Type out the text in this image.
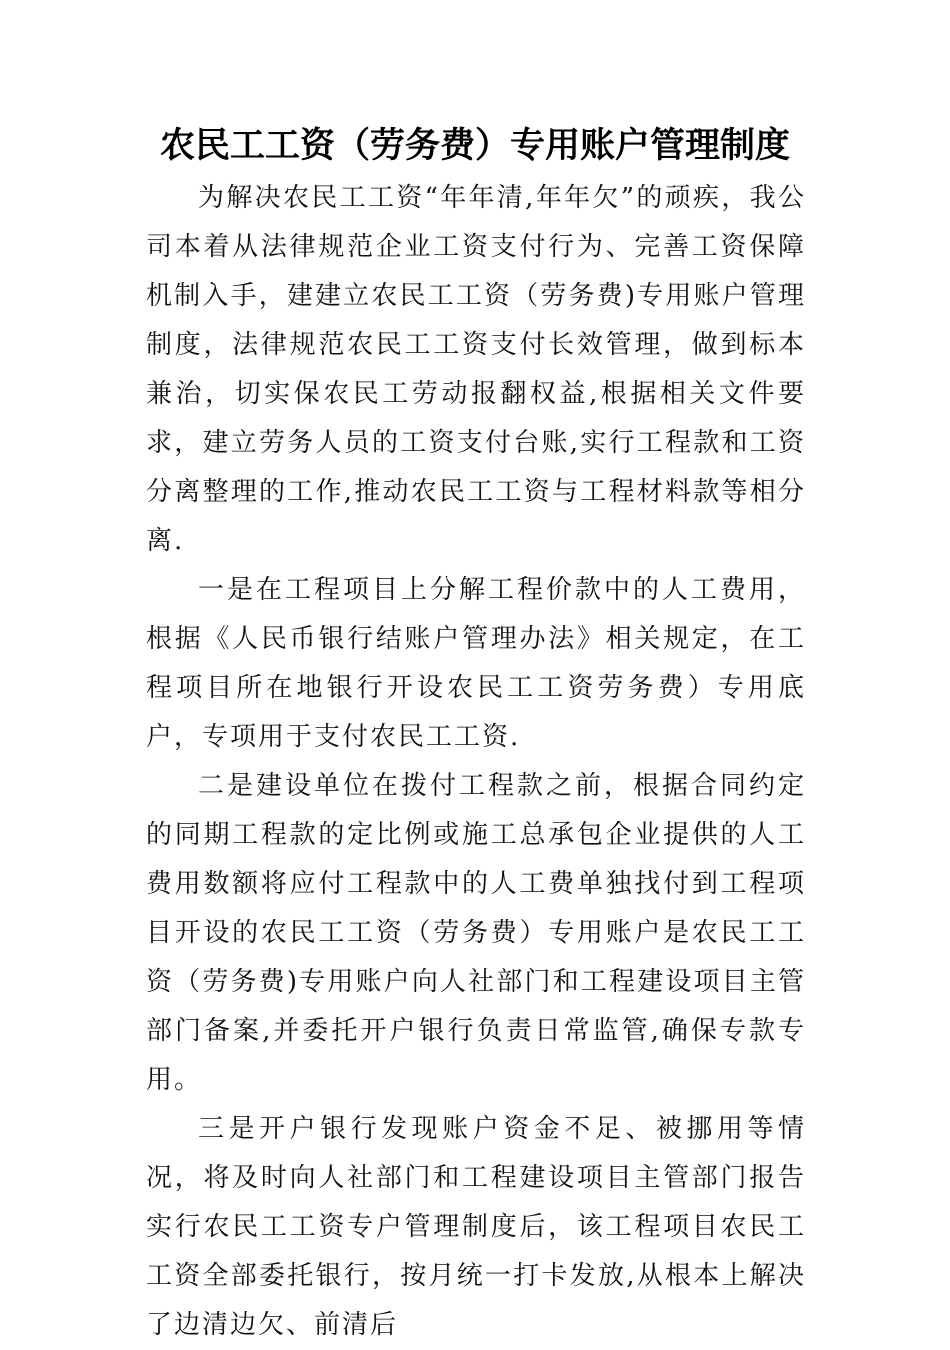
农民工工资（劳务费）专用账户管理制度

为解决农民工工资“年年清,年年欠”的顽疾，我公司本着从法律规范企业工资支付行为、完善工资保障机制入手，建建立农民工工资（劳务费)专用账户管理制度，法律规范农民工工资支付长效管理，做到标本兼治，切实保农民工劳动报翻权益,根据相关文件要求，建立劳务人员的工资支付台账,实行工程款和工资分离整理的工作,推动农民工工资与工程材料款等相分离.

一是在工程项目上分解工程价款中的人工费用，根据《人民币银行结账户管理办法》相关规定，在工程项目所在地银行开设农民工工资劳务费）专用底户，专项用于支付农民工工资.

二是建设单位在拨付工程款之前，根据合同约定的同期工程款的定比例或施工总承包企业提供的人工费用数额将应付工程款中的人工费单独找付到工程项目开设的农民工工资（劳务费）专用账户是农民工工资（劳务费)专用账户向人社部门和工程建设项目主管部门备案,并委托开户银行负责日常监管,确保专款专用。

三是开户银行发现账户资金不足、被挪用等情况，将及时向人社部门和工程建设项目主管部门报告实行农民工工资专户管理制度后，该工程项目农民工工资全部委托银行，按月统一打卡发放,从根本上解决了边清边欠、前清后
